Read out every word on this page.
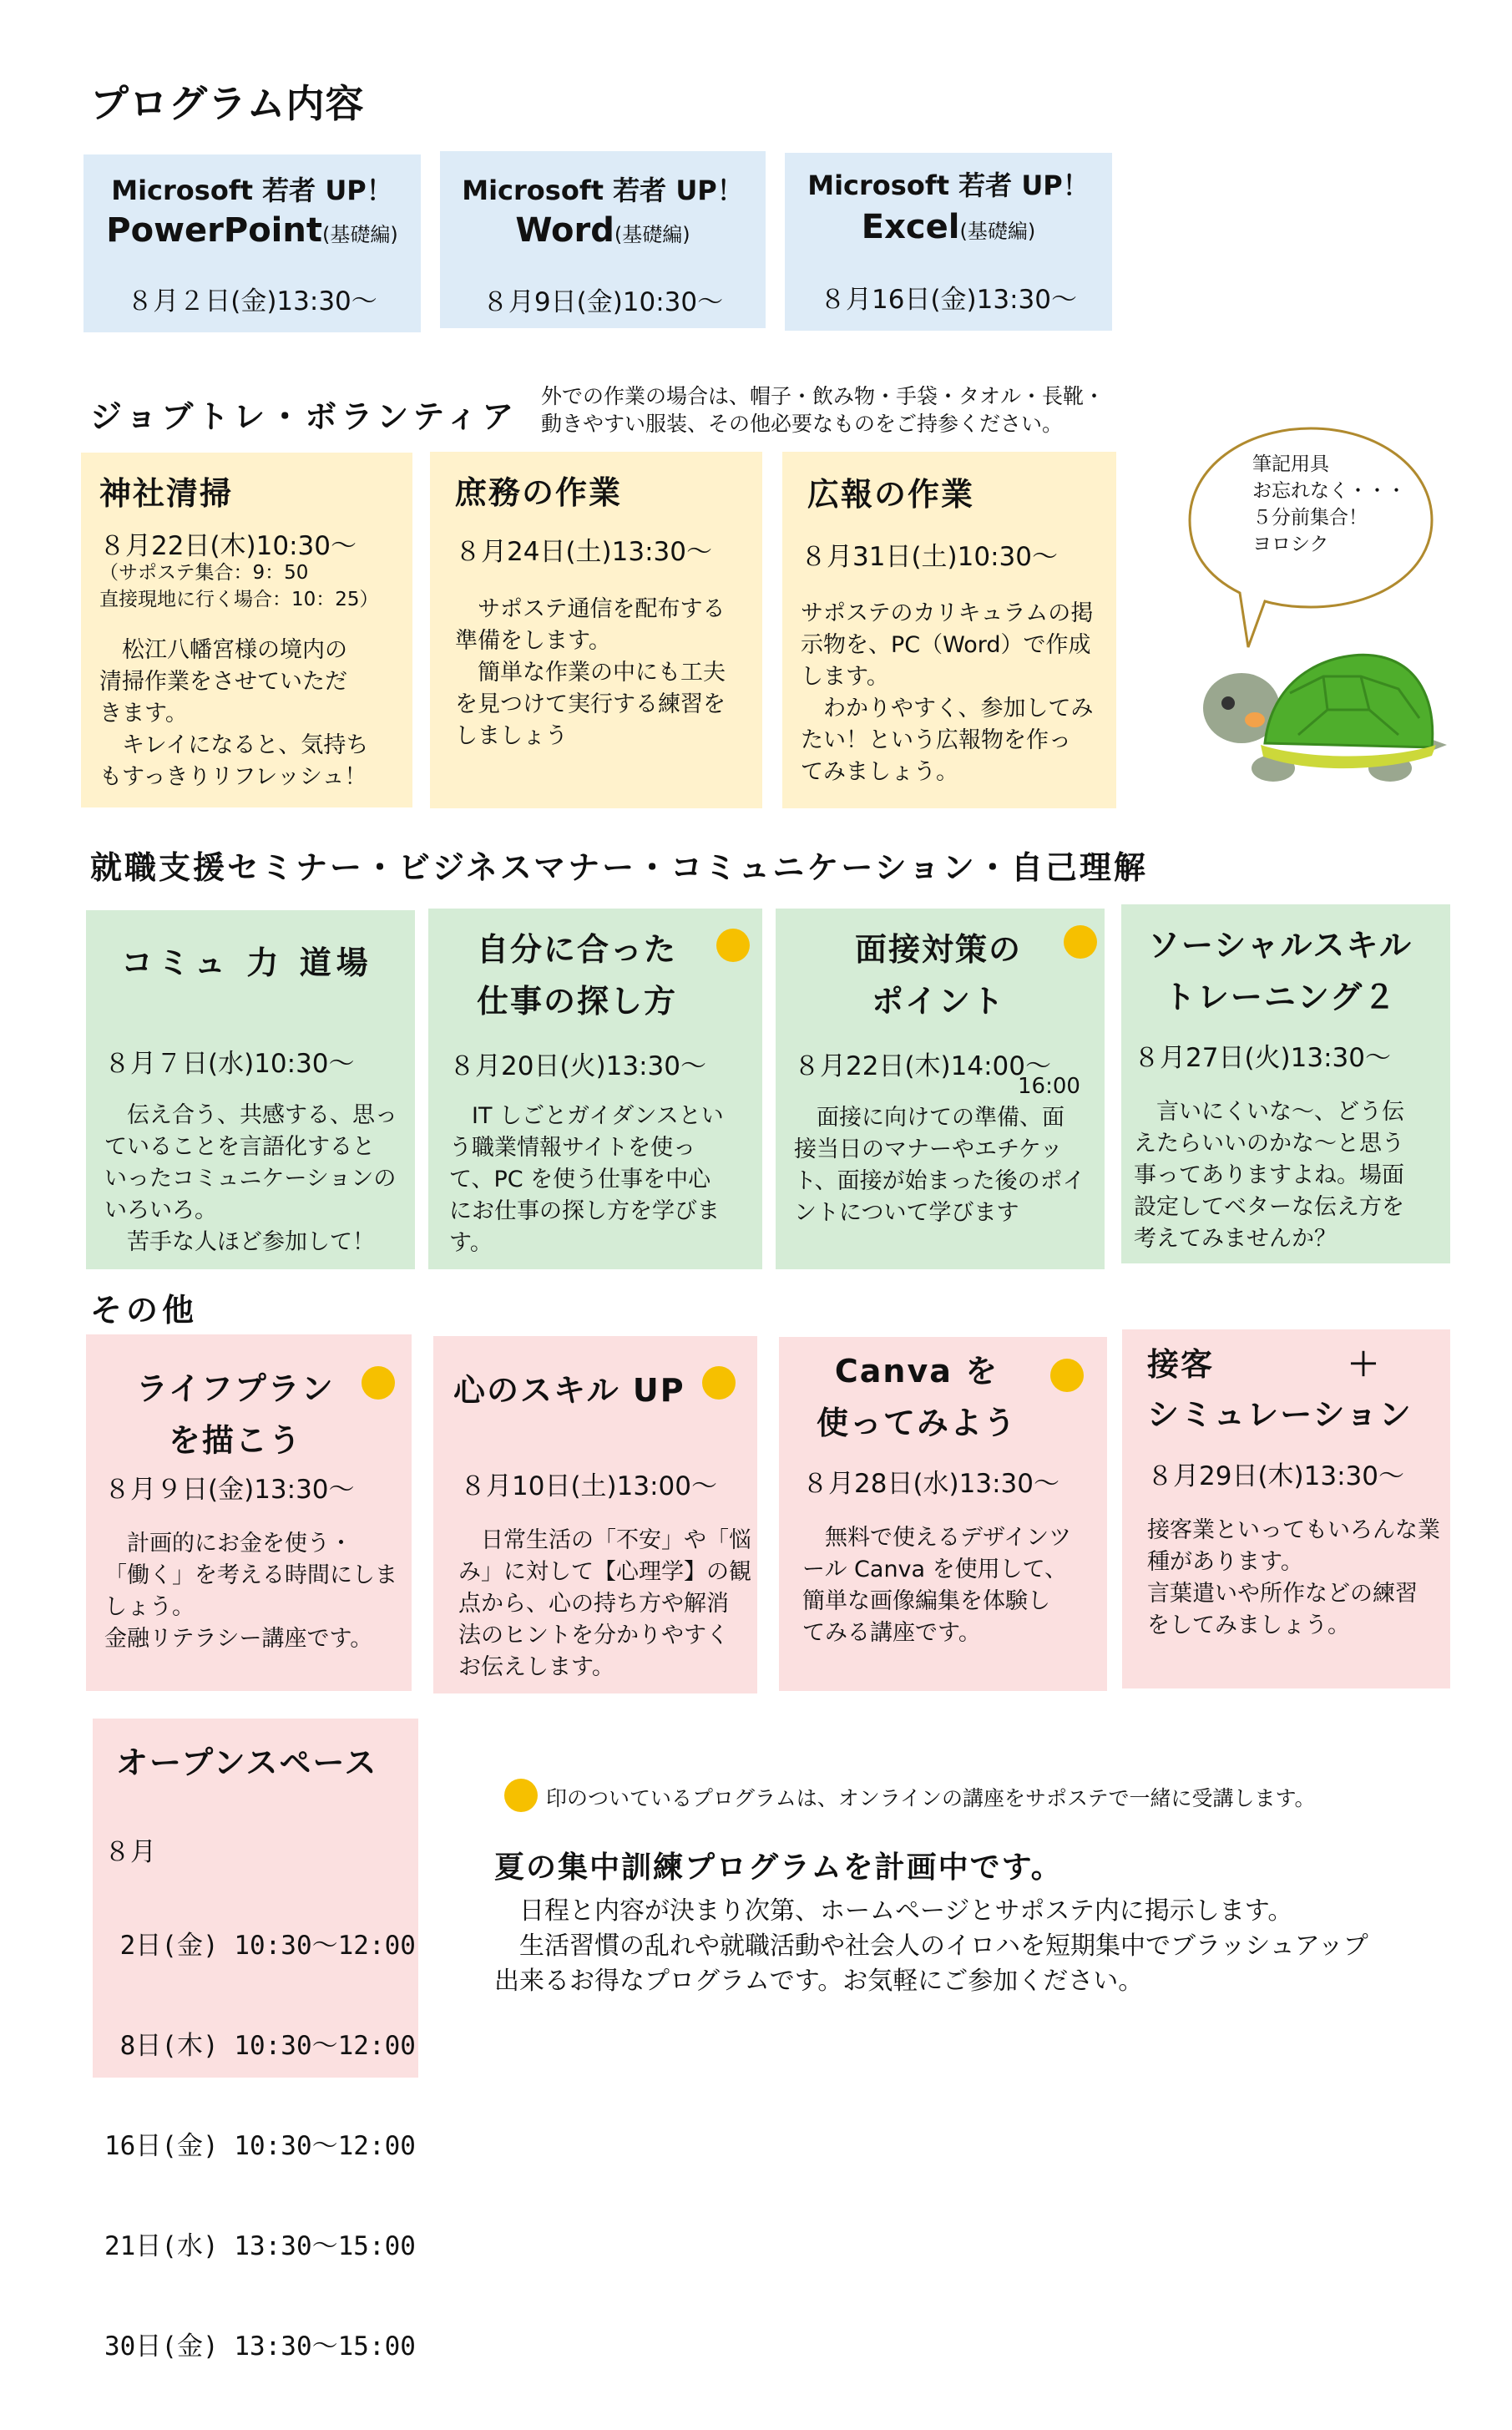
プログラム内容
Microsoft 若者 UP！
PowerPoint(基礎編)
８月２日(金)13:30～
Microsoft 若者 UP！
Word(基礎編)
８月9日(金)10:30～
Microsoft 若者 UP！
Excel(基礎編)
８月16日(金)13:30～
ジョブトレ・ボランティア
外での作業の場合は、帽子・飲み物・手袋・タオル・長靴・
動きやすい服装、その他必要なものをご持参ください。
神社清掃
８月22日(木)10:30～
（サポステ集合：9：50
直接現地に行く場合：10：25）
　松江八幡宮様の境内の
清掃作業をさせていただ
きます。
　キレイになると、気持ち
もすっきりリフレッシュ！
庶務の作業
８月24日(土)13:30～
　サポステ通信を配布する
準備をします。
　簡単な作業の中にも工夫
を見つけて実行する練習を
しましょう
広報の作業
８月31日(土)10:30～
サポステのカリキュラムの掲
示物を、PC（Word）で作成
します。
　わかりやすく、参加してみ
たい！という広報物を作っ
てみましょう。
筆記用具
お忘れなく・・・
５分前集合！
ヨロシク
就職支援セミナー・ビジネスマナー・コミュニケーション・自己理解
コミュ 力 道場
８月７日(水)10:30～
　伝え合う、共感する、思っ
ていることを言語化すると
いったコミュニケーションの
いろいろ。
　苦手な人ほど参加して！
自分に合った
仕事の探し方
８月20日(火)13:30～
　IT しごとガイダンスとい
う職業情報サイトを使っ
て、PC を使う仕事を中心
にお仕事の探し方を学びま
す。
面接対策の
ポイント
８月22日(木)14:00～
16:00
　面接に向けての準備、面
接当日のマナーやエチケッ
ト、面接が始まった後のポイ
ントについて学びます
ソーシャルスキル
トレーニング２
８月27日(火)13:30～
　言いにくいな～、どう伝
えたらいいのかな～と思う
事ってありますよね。場面
設定してベターな伝え方を
考えてみませんか？
その他
ライフプラン
を描こう
８月９日(金)13:30～
　計画的にお金を使う・
「働く」を考える時間にしま
しょう。
金融リテラシー講座です。
心のスキル UP
８月10日(土)13:00～
　日常生活の「不安」や「悩
み」に対して【心理学】の観
点から、心の持ち方や解消
法のヒントを分かりやすく
お伝えします。
Canva を
使ってみよう
８月28日(水)13:30～
　無料で使えるデザインツ
ール Canva を使用して、
簡単な画像編集を体験し
てみる講座です。
接客　　　　＋
シミュレーション
８月29日(木)13:30～
接客業といってもいろんな業
種があります。
言葉遣いや所作などの練習
をしてみましょう。
オープンスペース
８月

2日(金) 10:30～12:00

8日(木) 10:30～12:00

16日(金) 10:30～12:00

21日(水) 13:30～15:00

30日(金) 13:30～15:00

印のついているプログラムは、オンラインの講座をサポステで一緒に受講します。
夏の集中訓練プログラムを計画中です。
　日程と内容が決まり次第、ホームページとサポステ内に掲示します。
　生活習慣の乱れや就職活動や社会人のイロハを短期集中でブラッシュアップ
出来るお得なプログラムです。お気軽にご参加ください。
